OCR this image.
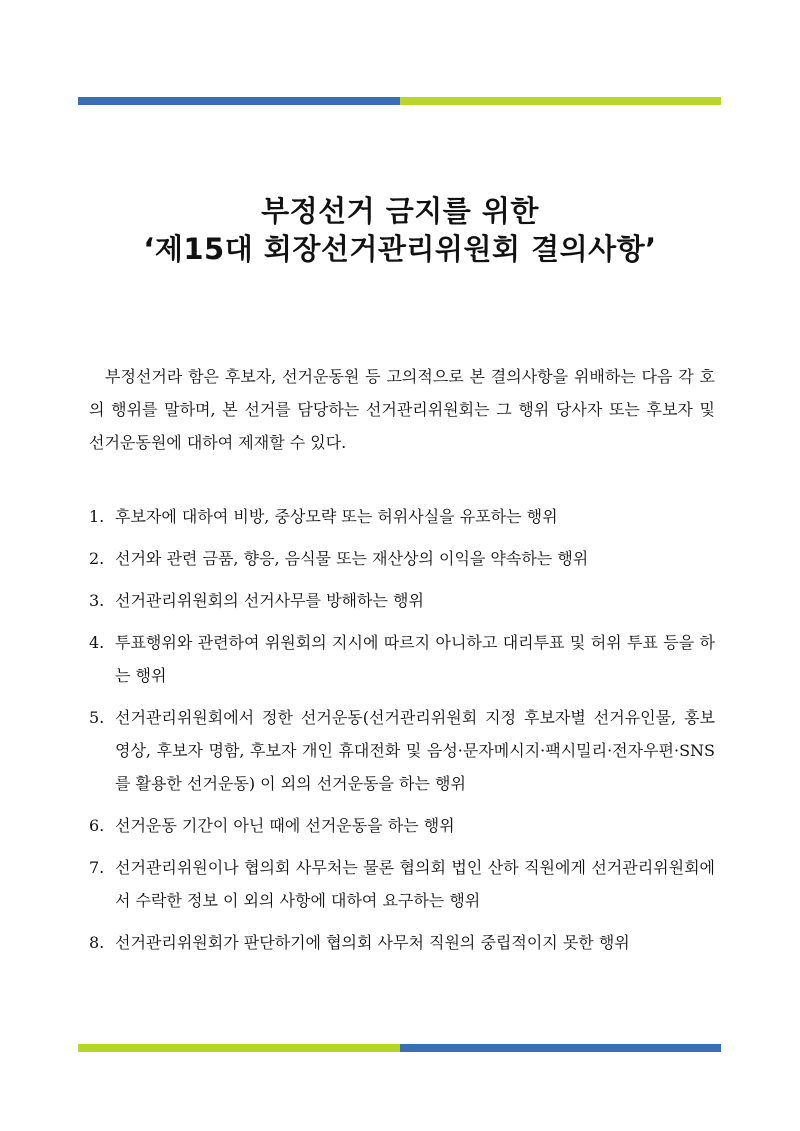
부정선거 금지를 위한
‘제15대 회장선거관리위원회 결의사항’
부정선거라 함은 후보자, 선거운동원 등 고의적으로 본 결의사항을 위배하는 다음 각 호의 행위를 말하며, 본 선거를 담당하는 선거관리위원회는 그 행위 당사자 또는 후보자 및 선거운동원에 대하여 제재할 수 있다.
1. 후보자에 대하여 비방, 중상모략 또는 허위사실을 유포하는 행위
2. 선거와 관련 금품, 향응, 음식물 또는 재산상의 이익을 약속하는 행위
3. 선거관리위원회의 선거사무를 방해하는 행위
4. 투표행위와 관련하여 위원회의 지시에 따르지 아니하고 대리투표 및 허위 투표 등을 하는 행위
5. 선거관리위원회에서 정한 선거운동(선거관리위원회 지정 후보자별 선거유인물, 홍보 영상, 후보자 명함, 후보자 개인 휴대전화 및 음성·문자메시지·팩시밀리·전자우편·SNS를 활용한 선거운동) 이 외의 선거운동을 하는 행위
6. 선거운동 기간이 아닌 때에 선거운동을 하는 행위
7. 선거관리위원이나 협의회 사무처는 물론 협의회 법인 산하 직원에게 선거관리위원회에서 수락한 정보 이 외의 사항에 대하여 요구하는 행위
8. 선거관리위원회가 판단하기에 협의회 사무처 직원의 중립적이지 못한 행위
